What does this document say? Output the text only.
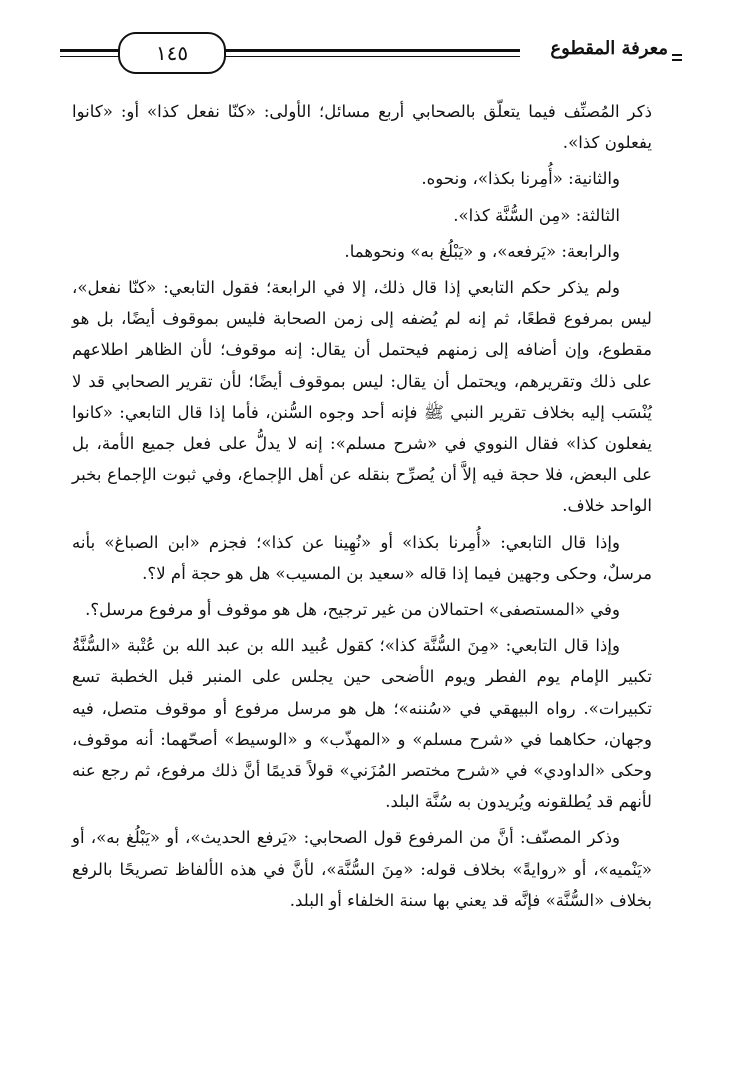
١٤٥	معرفة المقطوع

ذكر المُصنِّف فيما يتعلّق بالصحابي أربع مسائل؛ الأولى: «كنّا نفعل كذا» أو: «كانوا يفعلون كذا».

والثانية: «أُمِرنا بكذا»، ونحوه.

الثالثة: «مِن السُّنَّة كذا».

والرابعة: «يَرفعه»، و «يَبْلُغ به» ونحوهما.

ولم يذكر حكم التابعي إذا قال ذلك، إلا في الرابعة؛ فقول التابعي: «كنّا نفعل»، ليس بمرفوع قطعًا، ثم إنه لم يُضفه إلى زمن الصحابة فليس بموقوف أيضًا، بل هو مقطوع، وإن أضافه إلى زمنهم فيحتمل أن يقال: إنه موقوف؛ لأن الظاهر اطلاعهم على ذلك وتقريرهم، ويحتمل أن يقال: ليس بموقوف أيضًا؛ لأن تقرير الصحابي قد لا يُنْسَب إليه بخلاف تقرير النبي ﷺ فإنه أحد وجوه السُّنن، فأما إذا قال التابعي: «كانوا يفعلون كذا» فقال النووي في «شرح مسلم»: إنه لا يدلُّ على فعل جميع الأمة، بل على البعض، فلا حجة فيه إلاَّ أن يُصرِّح بنقله عن أهل الإجماع، وفي ثبوت الإجماع بخبر الواحد خلاف.

وإذا قال التابعي: «أُمِرنا بكذا» أو «نُهِينا عن كذا»؛ فجزم «ابن الصباغ» بأنه مرسلٌ، وحكى وجهين فيما إذا قاله «سعيد بن المسيب» هل هو حجة أم لا؟.

وفي «المستصفى» احتمالان من غير ترجيح، هل هو موقوف أو مرفوع مرسل؟.

وإذا قال التابعي: «مِنَ السُّنَّة كذا»؛ كقول عُبيد الله بن عبد الله بن عُتْبة «السُّنَّةُ تكبير الإمام يوم الفطر ويوم الأضحى حين يجلس على المنبر قبل الخطبة تسع تكبيرات». رواه البيهقي في «سُننه»؛ هل هو مرسل مرفوع أو موقوف متصل، فيه وجهان، حكاهما في «شرح مسلم» و «المهذّب» و «الوسيط» أصحّهما: أنه موقوف، وحكى «الداودي» في «شرح مختصر المُزَني» قولاً قديمًا أنَّ ذلك مرفوع، ثم رجع عنه لأنهم قد يُطلقونه ويُريدون به سُنَّة البلد.

وذكر المصنّف: أنَّ من المرفوع قول الصحابي: «يَرفع الحديث»، أو «يَبْلُغ به»، أو «يَنْميه»، أو «روايةً» بخلاف قوله: «مِنَ السُّنَّة»، لأنَّ في هذه الألفاظ تصريحًا بالرفع بخلاف «السُّنَّة» فإنَّه قد يعني بها سنة الخلفاء أو البلد.
